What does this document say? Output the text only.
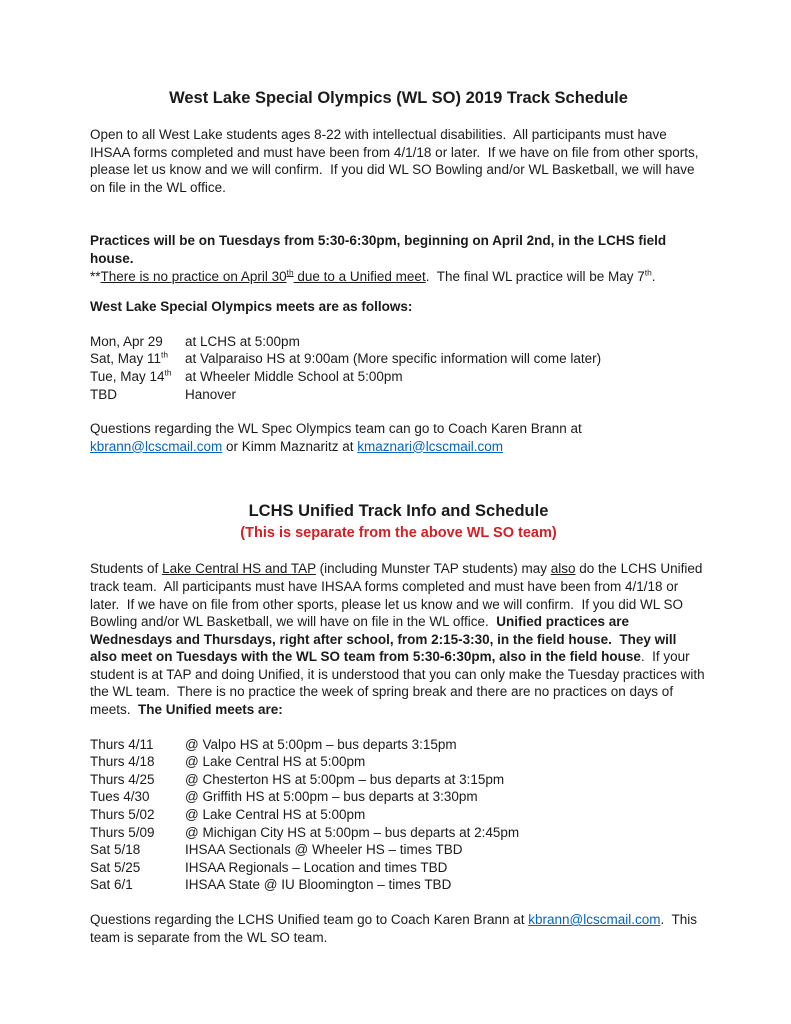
West Lake Special Olympics (WL SO) 2019 Track Schedule

Open to all West Lake students ages 8-22 with intellectual disabilities.  All participants must have IHSAA forms completed and must have been from 4/1/18 or later.  If we have on file from other sports, please let us know and we will confirm.  If you did WL SO Bowling and/or WL Basketball, we will have on file in the WL office.

Practices will be on Tuesdays from 5:30-6:30pm, beginning on April 2nd, in the LCHS field house.

**There is no practice on April 30th due to a Unified meet.  The final WL practice will be May 7th.

West Lake Special Olympics meets are as follows:

Mon, Apr 29	at LCHS at 5:00pm
Sat, May 11th	at Valparaiso HS at 9:00am (More specific information will come later)
Tue, May 14th at Wheeler Middle School at 5:00pm
TBD	Hanover

Questions regarding the WL Spec Olympics team can go to Coach Karen Brann at kbrann@lcscmail.com or Kimm Maznaritz at kmaznari@lcscmail.com

LCHS Unified Track Info and Schedule

(This is separate from the above WL SO team)

Students of Lake Central HS and TAP (including Munster TAP students) may also do the LCHS Unified track team.  All participants must have IHSAA forms completed and must have been from 4/1/18 or later.  If we have on file from other sports, please let us know and we will confirm.  If you did WL SO Bowling and/or WL Basketball, we will have on file in the WL office.  Unified practices are Wednesdays and Thursdays, right after school, from 2:15-3:30, in the field house.  They will also meet on Tuesdays with the WL SO team from 5:30-6:30pm, also in the field house.  If your student is at TAP and doing Unified, it is understood that you can only make the Tuesday practices with the WL team.  There is no practice the week of spring break and there are no practices on days of meets.  The Unified meets are:

Thurs 4/11	@ Valpo HS at 5:00pm – bus departs 3:15pm
Thurs 4/18	@ Lake Central HS at 5:00pm
Thurs 4/25	@ Chesterton HS at 5:00pm – bus departs at 3:15pm
Tues 4/30	@ Griffith HS at 5:00pm – bus departs at 3:30pm
Thurs 5/02	@ Lake Central HS at 5:00pm
Thurs 5/09	@ Michigan City HS at 5:00pm – bus departs at 2:45pm
Sat 5/18	IHSAA Sectionals @ Wheeler HS – times TBD
Sat 5/25	IHSAA Regionals – Location and times TBD
Sat 6/1	IHSAA State @ IU Bloomington – times TBD

Questions regarding the LCHS Unified team go to Coach Karen Brann at kbrann@lcscmail.com.  This team is separate from the WL SO team.
